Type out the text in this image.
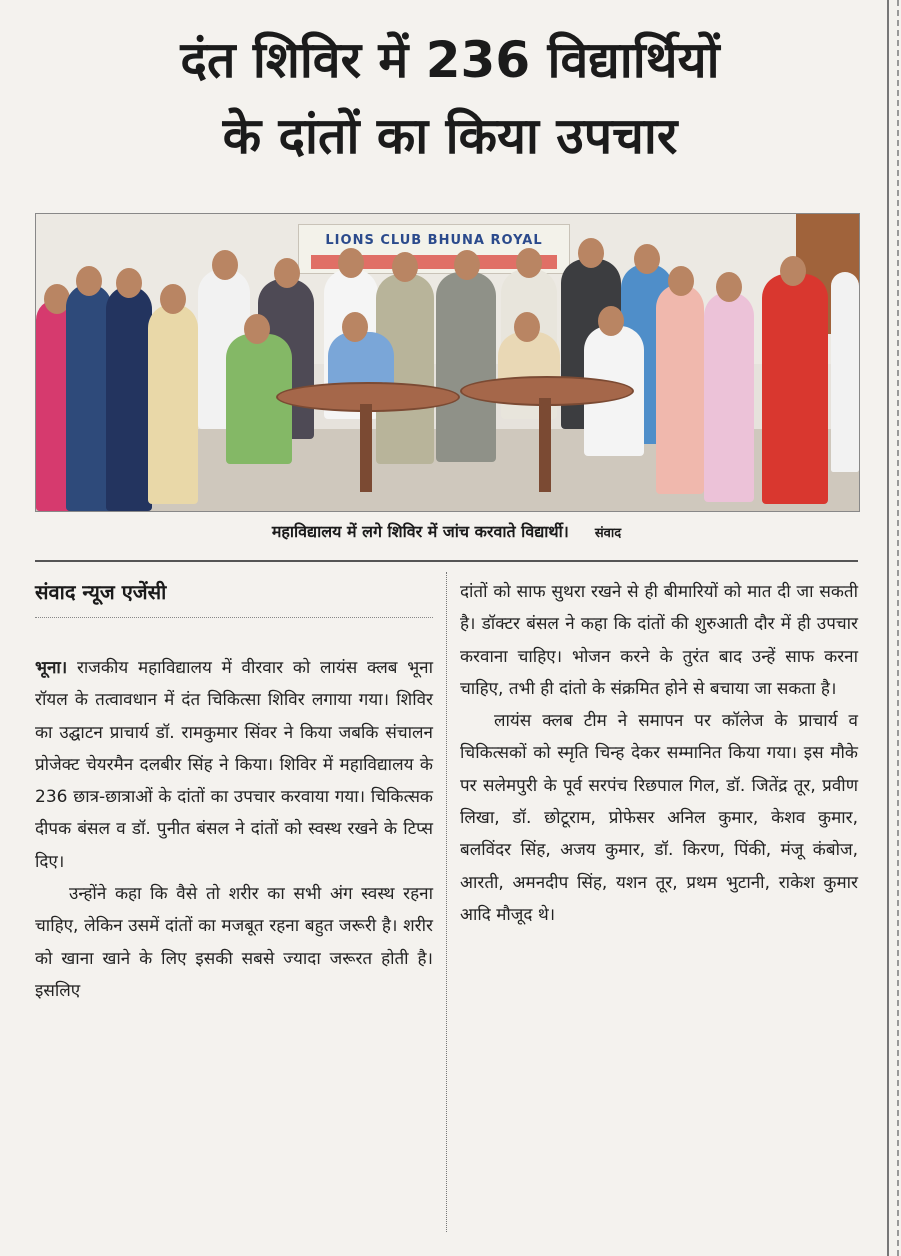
दंत शिविर में 236 विद्यार्थियों
के दांतों का किया उपचार
LIONS CLUB BHUNA ROYAL
महाविद्यालय में लगे शिविर में जांच करवाते विद्यार्थी। संवाद
संवाद न्यूज एजेंसी

भूना। राजकीय महाविद्यालय में वीरवार को लायंस क्लब भूना रॉयल के तत्वावधान में दंत चिकित्सा शिविर लगाया गया। शिविर का उद्घाटन प्राचार्य डॉ. रामकुमार सिंवर ने किया जबकि संचालन प्रोजेक्ट चेयरमैन दलबीर सिंह ने किया। शिविर में महाविद्यालय के 236 छात्र-छात्राओं के दांतों का उपचार करवाया गया। चिकित्सक दीपक बंसल व डॉ. पुनीत बंसल ने दांतों को स्वस्थ रखने के टिप्स दिए।

उन्होंने कहा कि वैसे तो शरीर का सभी अंग स्वस्थ रहना चाहिए, लेकिन उसमें दांतों का मजबूत रहना बहुत जरूरी है। शरीर को खाना खाने के लिए इसकी सबसे ज्यादा जरूरत होती है। इसलिए

दांतों को साफ सुथरा रखने से ही बीमारियों को मात दी जा सकती है। डॉक्टर बंसल ने कहा कि दांतों की शुरुआती दौर में ही उपचार करवाना चाहिए। भोजन करने के तुरंत बाद उन्हें साफ करना चाहिए, तभी ही दांतो के संक्रमित होने से बचाया जा सकता है।

लायंस क्लब टीम ने समापन पर कॉलेज के प्राचार्य व चिकित्सकों को स्मृति चिन्ह देकर सम्मानित किया गया। इस मौके पर सलेमपुरी के पूर्व सरपंच रिछपाल गिल, डॉ. जितेंद्र तूर, प्रवीण लिखा, डॉ. छोटूराम, प्रोफेसर अनिल कुमार, केशव कुमार, बलविंदर सिंह, अजय कुमार, डॉ. किरण, पिंकी, मंजू कंबोज, आरती, अमनदीप सिंह, यशन तूर, प्रथम भुटानी, राकेश कुमार आदि मौजूद थे।
